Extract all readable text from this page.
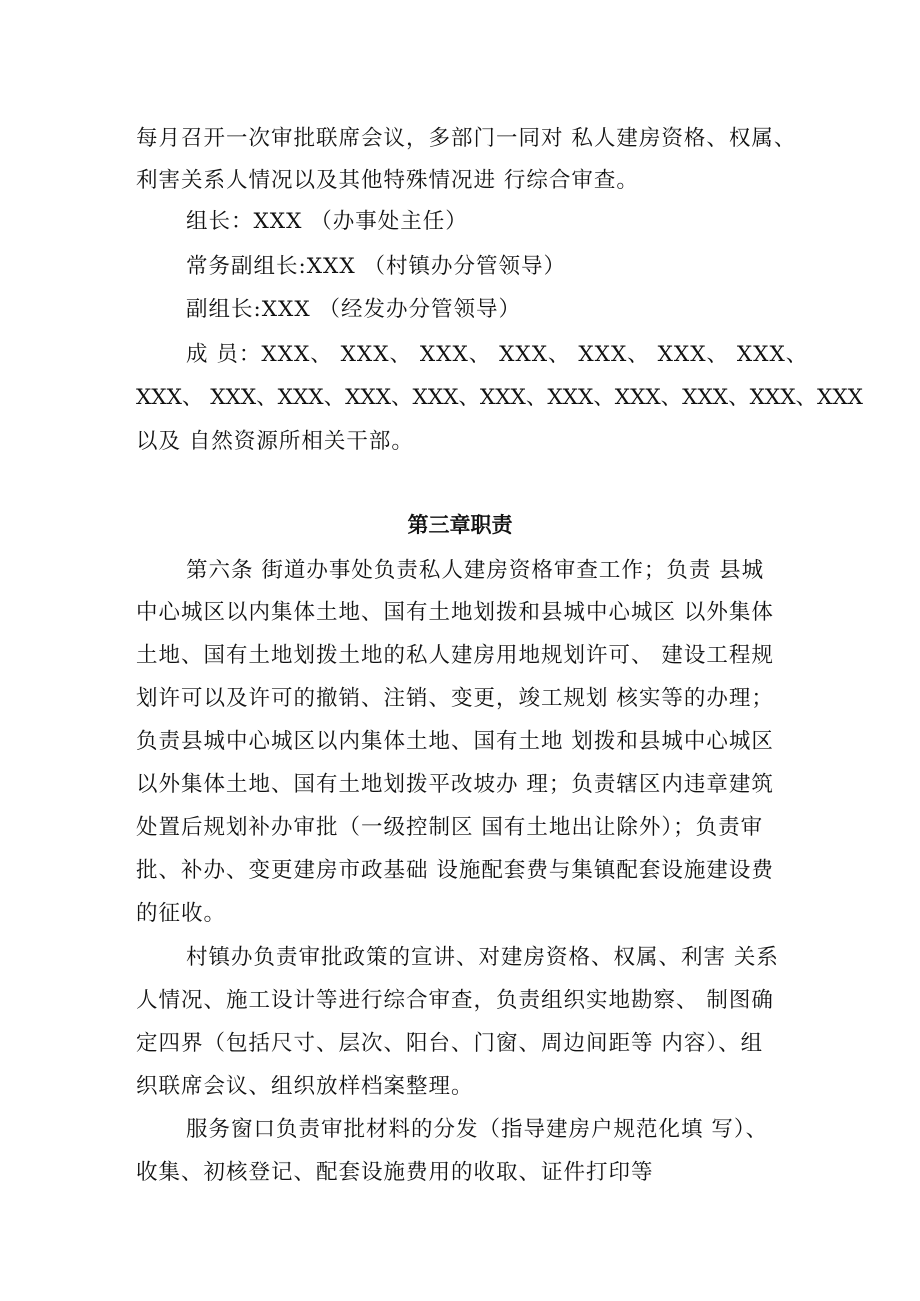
每月召开一次审批联席会议，多部门一同对 私人建房资格、权属、
利害关系人情况以及其他特殊情况进 行综合审查。
组长：XXX （办事处主任）
常务副组长:XXX （村镇办分管领导）
副组长:XXX （经发办分管领导）
成 员：XXX、 XXX、 XXX、 XXX、 XXX、 XXX、 XXX、
XXX、 XXX、XXX、XXX、XXX、XXX、XXX、XXX、XXX、XXX、XXX
以及 自然资源所相关干部。
第三章职责
第六条 街道办事处负责私人建房资格审查工作；负责 县城
中心城区以内集体土地、国有土地划拨和县城中心城区 以外集体
土地、国有土地划拨土地的私人建房用地规划许可、 建设工程规
划许可以及许可的撤销、注销、变更，竣工规划 核实等的办理；
负责县城中心城区以内集体土地、国有土地 划拨和县城中心城区
以外集体土地、国有土地划拨平改坡办 理；负责辖区内违章建筑
处置后规划补办审批（一级控制区 国有土地出让除外）；负责审
批、补办、变更建房市政基础 设施配套费与集镇配套设施建设费
的征收。
村镇办负责审批政策的宣讲、对建房资格、权属、利害 关系
人情况、施工设计等进行综合审查，负责组织实地勘察、 制图确
定四界（包括尺寸、层次、阳台、门窗、周边间距等 内容）、组
织联席会议、组织放样档案整理。
服务窗口负责审批材料的分发（指导建房户规范化填 写）、
收集、初核登记、配套设施费用的收取、证件打印等
